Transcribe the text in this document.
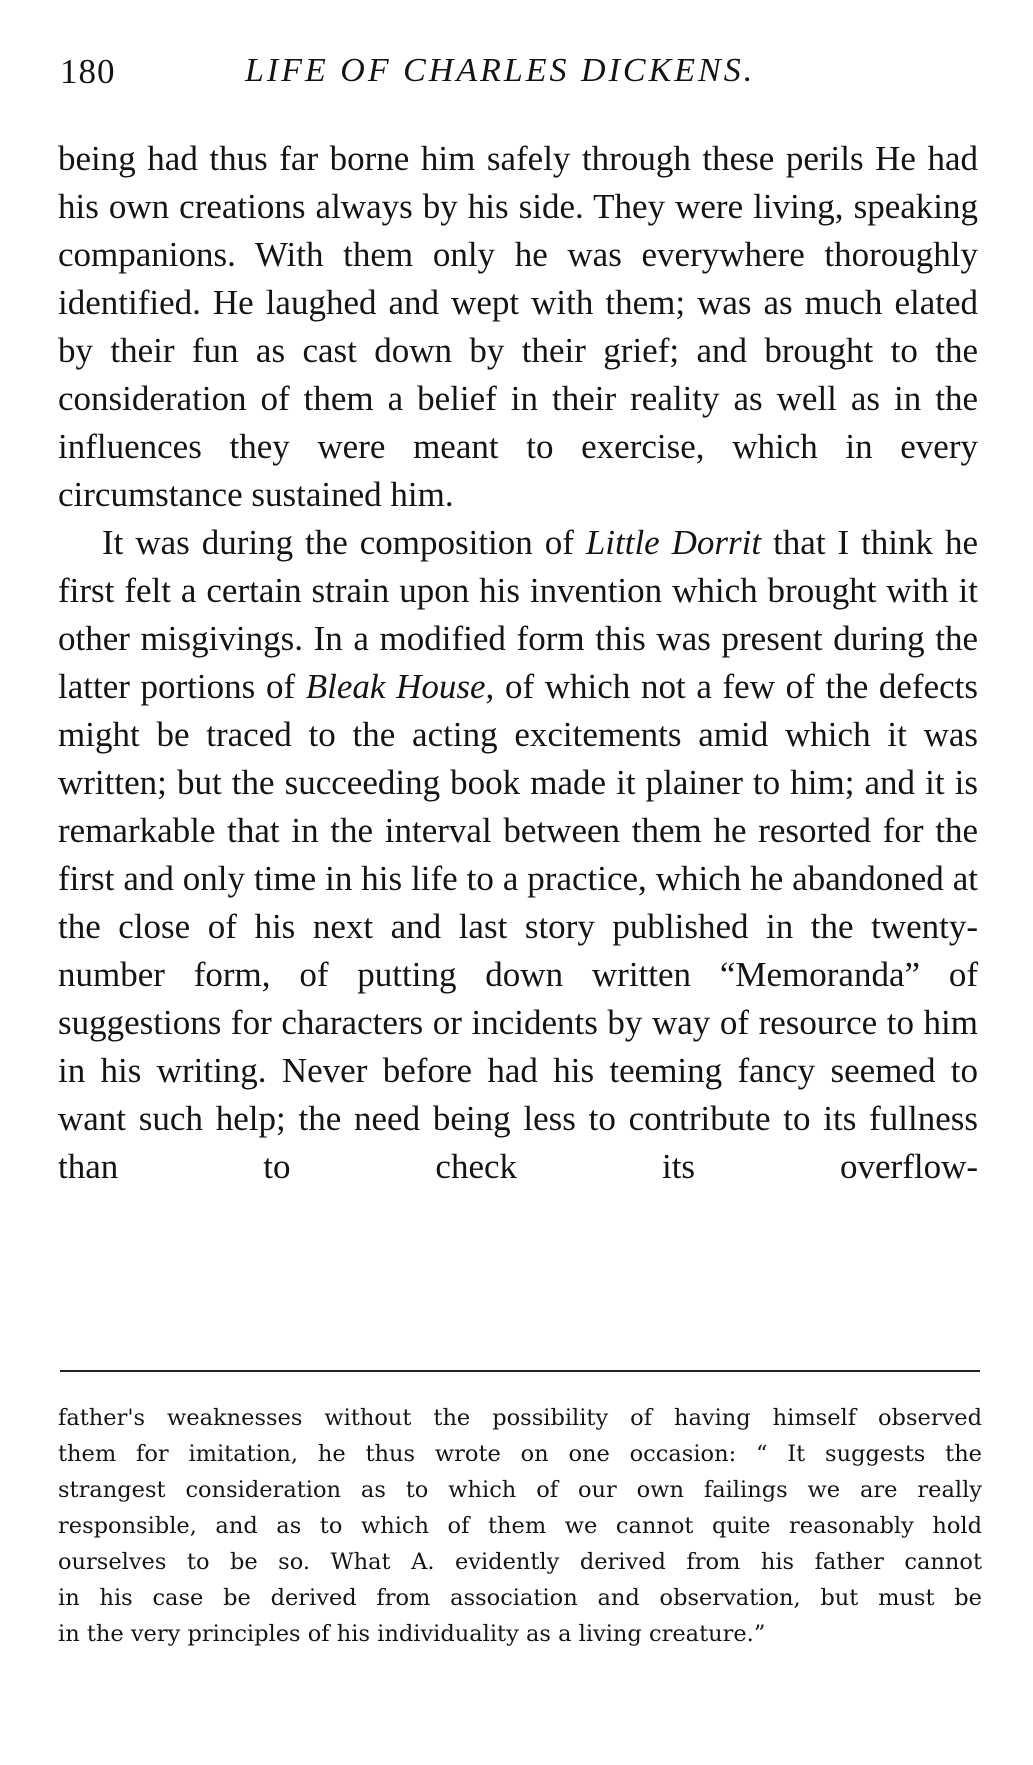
180	LIFE OF CHARLES DICKENS.

being had thus far borne him safely through these perils He had his own creations always by his side. They were living, speaking companions. With them only he was everywhere thoroughly identified. He laughed and wept with them; was as much elated by their fun as cast down by their grief; and brought to the consideration of them a belief in their reality as well as in the influences they were meant to exercise, which in every circumstance sustained him.

It was during the composition of Little Dorrit that I think he first felt a certain strain upon his invention which brought with it other misgivings. In a modified form this was present during the latter portions of Bleak House, of which not a few of the defects might be traced to the acting excitements amid which it was written; but the succeeding book made it plainer to him; and it is remarkable that in the interval between them he resorted for the first and only time in his life to a practice, which he abandoned at the close of his next and last story published in the twenty-number form, of putting down written “Memoranda” of suggestions for characters or incidents by way of resource to him in his writing. Never before had his teeming fancy seemed to want such help; the need being less to contribute to its fullness than to check its overflow-

father's weaknesses without the possibility of having himself observed
them for imitation, he thus wrote on one occasion: “ It suggests the
strangest consideration as to which of our own failings we are really
responsible, and as to which of them we cannot quite reasonably hold
ourselves to be so. What A. evidently derived from his father cannot
in his case be derived from association and observation, but must be
in the very principles of his individuality as a living creature.”
